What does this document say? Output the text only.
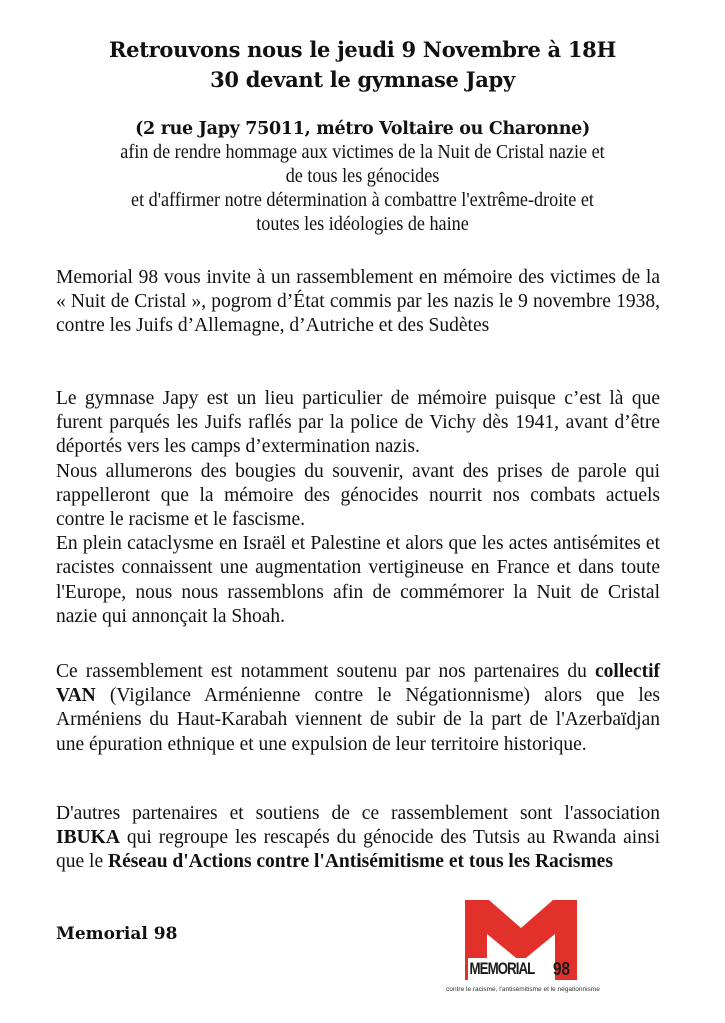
Retrouvons nous le jeudi 9 Novembre à 18H
30 devant le gymnase Japy
(2 rue Japy 75011, métro Voltaire ou Charonne)
afin de rendre hommage aux victimes de la Nuit de Cristal nazie et
de tous les génocides
et d'affirmer notre détermination à combattre l'extrême-droite et
toutes les idéologies de haine

Memorial 98 vous invite à un rassemblement en mémoire des victimes de la « Nuit de Cristal », pogrom d’État commis par les nazis le 9 novembre 1938, contre les Juifs d’Allemagne, d’Autriche et des Sudètes

Le gymnase Japy est un lieu particulier de mémoire puisque c’est là que furent parqués les Juifs raflés par la police de Vichy dès 1941, avant d’être déportés vers les camps d’extermination nazis.

Nous allumerons des bougies du souvenir, avant des prises de parole qui rappelleront que la mémoire des génocides nourrit nos combats actuels contre le racisme et le fascisme.

En plein cataclysme en Israël et Palestine et alors que les actes antisémites et racistes connaissent une augmentation vertigineuse en France et dans toute l'Europe, nous nous rassemblons afin de commémorer la Nuit de Cristal nazie qui annonçait la Shoah.

Ce rassemblement est notamment soutenu par nos partenaires du collectif VAN (Vigilance Arménienne contre le Négationnisme) alors que les Arméniens du Haut-Karabah viennent de subir de la part de l'Azerbaïdjan une épuration ethnique et une expulsion de leur territoire historique.

D'autres partenaires et soutiens de ce rassemblement sont l'association IBUKA qui regroupe les rescapés du génocide des Tutsis au Rwanda ainsi que le Réseau d'Actions contre l'Antisémitisme et tous les Racismes

Memorial 98
MEMORIAL 98
contre le racisme, l'antisémitisme et le négationnisme
